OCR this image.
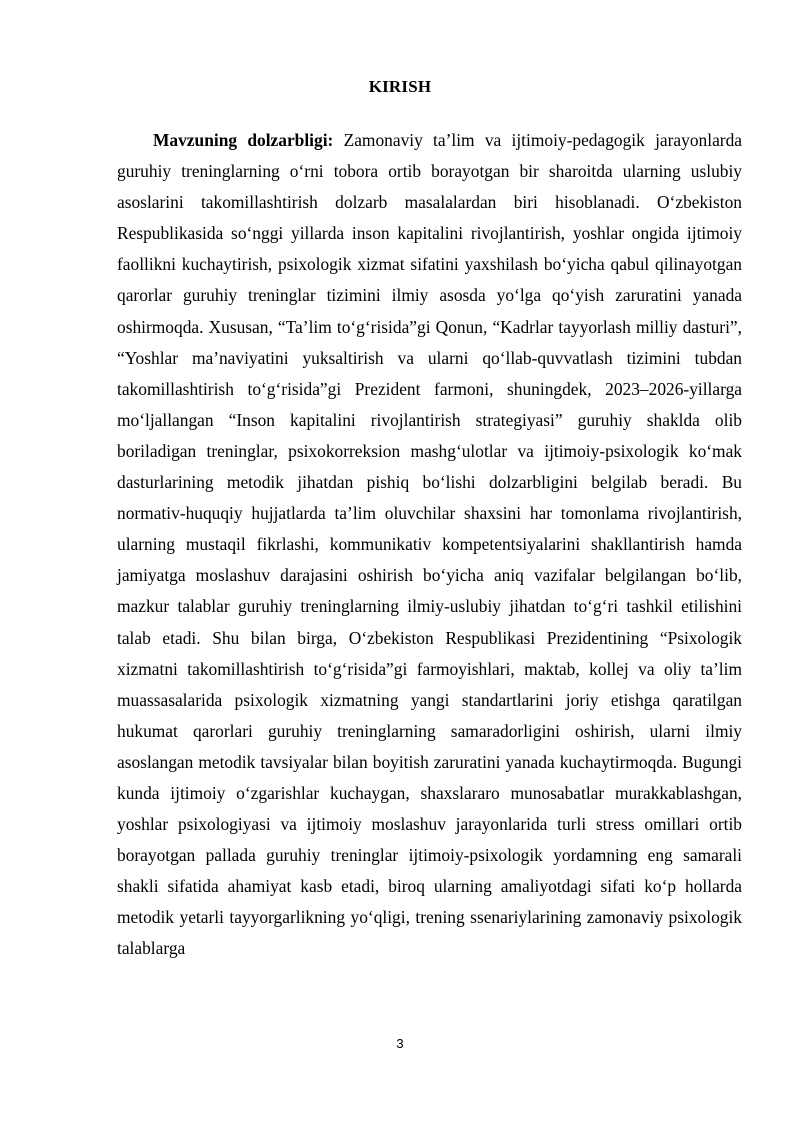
KIRISH

Mavzuning dolzarbligi: Zamonaviy ta’lim va ijtimoiy-pedagogik jarayonlarda guruhiy treninglarning o‘rni tobora ortib borayotgan bir sharoitda ularning uslubiy asoslarini takomillashtirish dolzarb masalalardan biri hisoblanadi. O‘zbekiston Respublikasida so‘nggi yillarda inson kapitalini rivojlantirish, yoshlar ongida ijtimoiy faollikni kuchaytirish, psixologik xizmat sifatini yaxshilash bo‘yicha qabul qilinayotgan qarorlar guruhiy treninglar tizimini ilmiy asosda yo‘lga qo‘yish zaruratini yanada oshirmoqda. Xususan, “Ta’lim to‘g‘risida”gi Qonun, “Kadrlar tayyorlash milliy dasturi”, “Yoshlar ma’naviyatini yuksaltirish va ularni qo‘llab-quvvatlash tizimini tubdan takomillashtirish to‘g‘risida”gi Prezident farmoni, shuningdek, 2023–2026-yillarga mo‘ljallangan “Inson kapitalini rivojlantirish strategiyasi” guruhiy shaklda olib boriladigan treninglar, psixokorreksion mashg‘ulotlar va ijtimoiy-psixologik ko‘mak dasturlarining metodik jihatdan pishiq bo‘lishi dolzarbligini belgilab beradi. Bu normativ-huquqiy hujjatlarda ta’lim oluvchilar shaxsini har tomonlama rivojlantirish, ularning mustaqil fikrlashi, kommunikativ kompetentsiyalarini shakllantirish hamda jamiyatga moslashuv darajasini oshirish bo‘yicha aniq vazifalar belgilangan bo‘lib, mazkur talablar guruhiy treninglarning ilmiy-uslubiy jihatdan to‘g‘ri tashkil etilishini talab etadi. Shu bilan birga, O‘zbekiston Respublikasi Prezidentining “Psixologik xizmatni takomillashtirish to‘g‘risida”gi farmoyishlari, maktab, kollej va oliy ta’lim muassasalarida psixologik xizmatning yangi standartlarini joriy etishga qaratilgan hukumat qarorlari guruhiy treninglarning samaradorligini oshirish, ularni ilmiy asoslangan metodik tavsiyalar bilan boyitish zaruratini yanada kuchaytirmoqda. Bugungi kunda ijtimoiy o‘zgarishlar kuchaygan, shaxslararo munosabatlar murakkablashgan, yoshlar psixologiyasi va ijtimoiy moslashuv jarayonlarida turli stress omillari ortib borayotgan pallada guruhiy treninglar ijtimoiy-psixologik yordamning eng samarali shakli sifatida ahamiyat kasb etadi, biroq ularning amaliyotdagi sifati ko‘p hollarda metodik yetarli tayyorgarlikning yo‘qligi, trening ssenariylarining zamonaviy psixologik talablarga

3
